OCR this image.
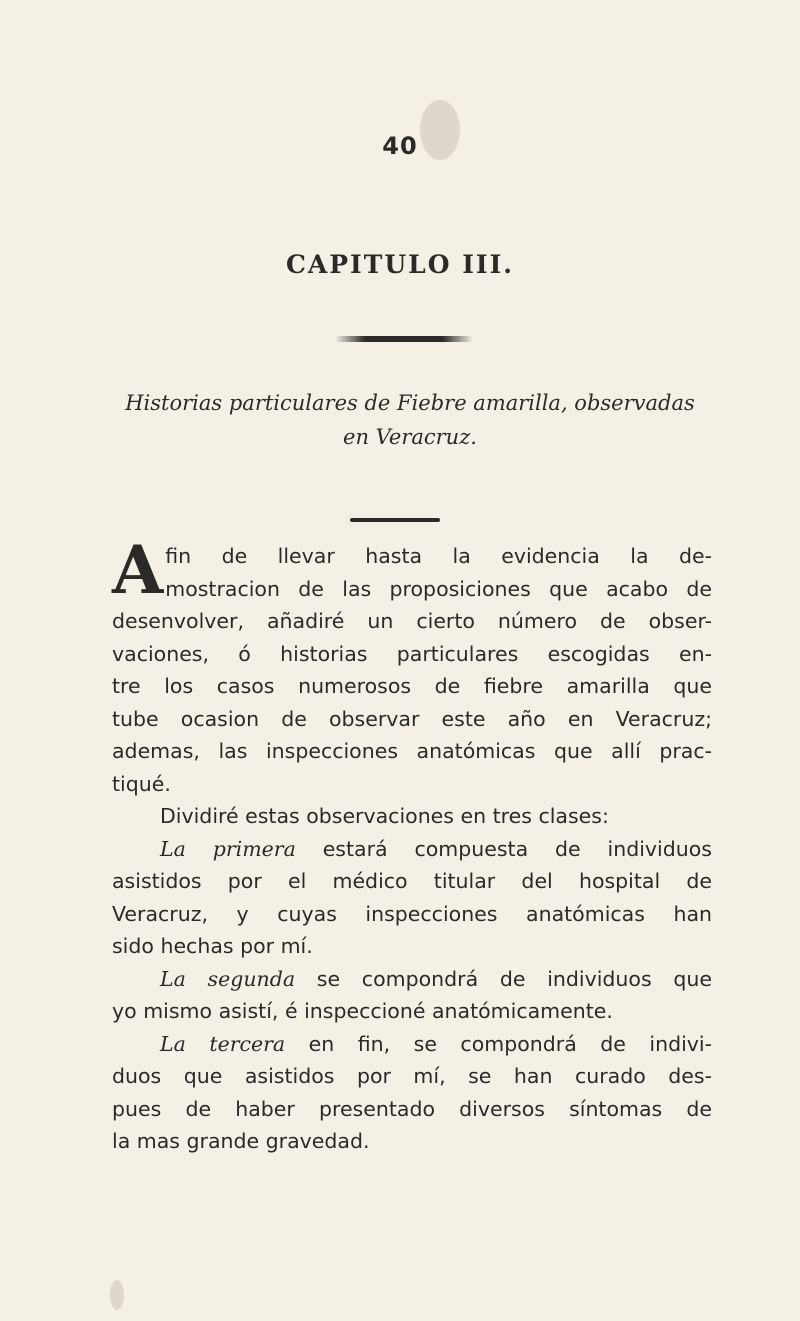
40
CAPITULO III.
Historias particulares de Fiebre amarilla, observadas
en Veracruz.
Afin de llevar hasta la evidencia la de-
mostracion de las proposiciones que acabo de
desenvolver, añadiré un cierto número de obser-
vaciones, ó historias particulares escogidas en-
tre los casos numerosos de fiebre amarilla que
tube ocasion de observar este año en Veracruz;
ademas, las inspecciones anatómicas que allí prac-
tiqué.
Dividiré estas observaciones en tres clases:
La primera estará compuesta de individuos
asistidos por el médico titular del hospital de
Veracruz, y cuyas inspecciones anatómicas han
sido hechas por mí.
La segunda se compondrá de individuos que
yo mismo asistí, é inspeccioné anatómicamente.
La tercera en fin, se compondrá de indivi-
duos que asistidos por mí, se han curado des-
pues de haber presentado diversos síntomas de
la mas grande gravedad.
